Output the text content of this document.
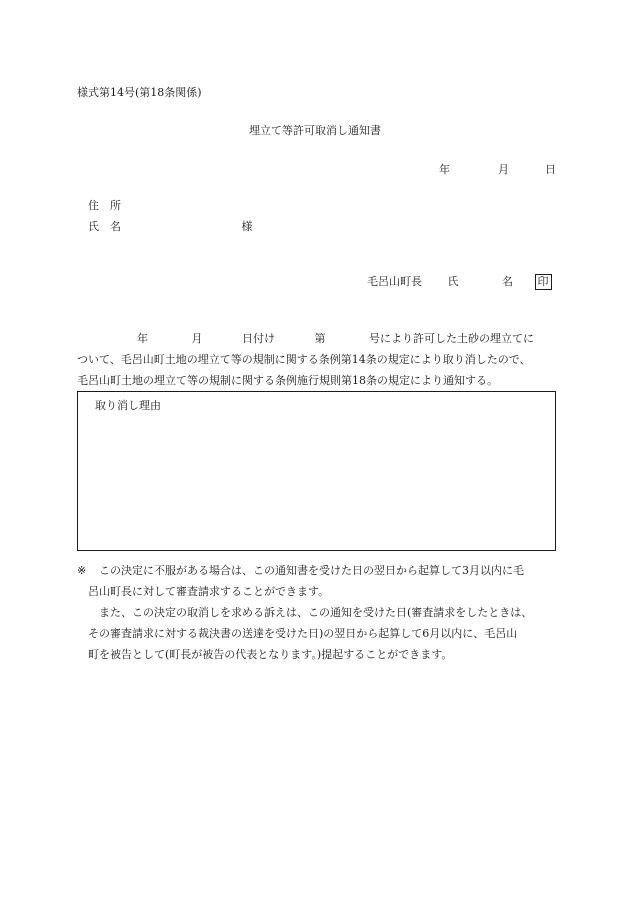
様式第14号(第18条関係)
埋立て等許可取消し通知書
年	月	日
住　所
氏　名	様
毛呂山町長 氏	名 印

年	月	日付け	第	号により許可した土砂の埋立てに

ついて、毛呂山町土地の埋立て等の規制に関する条例第14条の規定により取り消したので、

毛呂山町土地の埋立て等の規制に関する条例施行規則第18条の規定により通知する。

取り消し理由

※ この決定に不服がある場合は、この通知書を受けた日の翌日から起算して3月以内に毛

呂山町長に対して審査請求することができます。

また、この決定の取消しを求める訴えは、この通知を受けた日(審査請求をしたときは、

その審査請求に対する裁決書の送達を受けた日)の翌日から起算して6月以内に、毛呂山

町を被告として(町長が被告の代表となります。)提起することができます。
